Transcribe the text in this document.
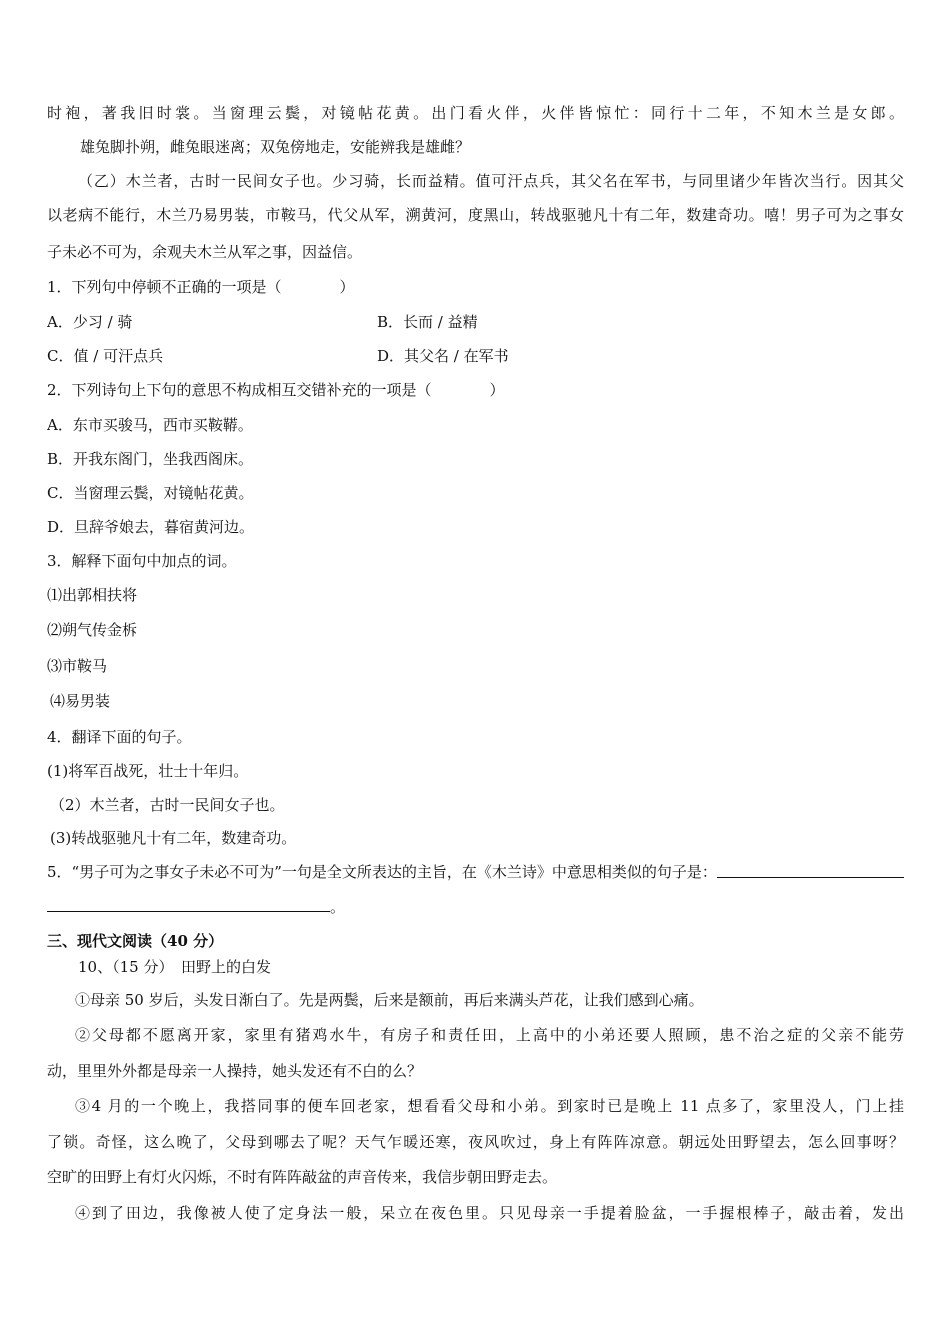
时袍，著我旧时裳。当窗理云鬓，对镜帖花黄。出门看火伴，火伴皆惊忙：同行十二年，不知木兰是女郎。
雄兔脚扑朔，雌兔眼迷离；双兔傍地走，安能辨我是雄雌？
（乙）木兰者，古时一民间女子也。少习骑，长而益精。值可汗点兵，其父名在军书，与同里诸少年皆次当行。因其父
以老病不能行，木兰乃易男装，市鞍马，代父从军，溯黄河，度黑山，转战驱驰凡十有二年，数建奇功。嘻！男子可为之事女
子未必不可为，余观夫木兰从军之事，因益信。
1．下列句中停顿不正确的一项是（	）
A．少习 / 骑	B．长而 / 益精
C．值 / 可汗点兵	D．其父名 / 在军书
2．下列诗句上下句的意思不构成相互交错补充的一项是（	）
A．东市买骏马，西市买鞍鞯。
B．开我东阁门，坐我西阁床。
C．当窗理云鬓，对镜帖花黄。
D．旦辞爷娘去，暮宿黄河边。
3．解释下面句中加点的词。
⑴出郭相扶将
⑵朔气传金柝
⑶市鞍马
⑷易男装
4．翻译下面的句子。
(1)将军百战死，壮士十年归。
（2）木兰者，古时一民间女子也。
(3)转战驱驰凡十有二年，数建奇功。
5．“男子可为之事女子未必不可为”一句是全文所表达的主旨，在《木兰诗》中意思相类似的句子是：
。
三、现代文阅读（40 分）
10、（15 分）　田野上的白发
①母亲 50 岁后，头发日渐白了。先是两鬓，后来是额前，再后来满头芦花，让我们感到心痛。
②父母都不愿离开家，家里有猪鸡水牛，有房子和责任田，上高中的小弟还要人照顾，患不治之症的父亲不能劳
动，里里外外都是母亲一人操持，她头发还有不白的么？
③4 月的一个晚上，我搭同事的便车回老家，想看看父母和小弟。到家时已是晚上 11 点多了，家里没人，门上挂
了锁。奇怪，这么晚了，父母到哪去了呢？天气乍暖还寒，夜风吹过，身上有阵阵凉意。朝远处田野望去，怎么回事呀？
空旷的田野上有灯火闪烁，不时有阵阵敲盆的声音传来，我信步朝田野走去。
④到了田边，我像被人使了定身法一般，呆立在夜色里。只见母亲一手提着脸盆，一手握根棒子，敲击着，发出
